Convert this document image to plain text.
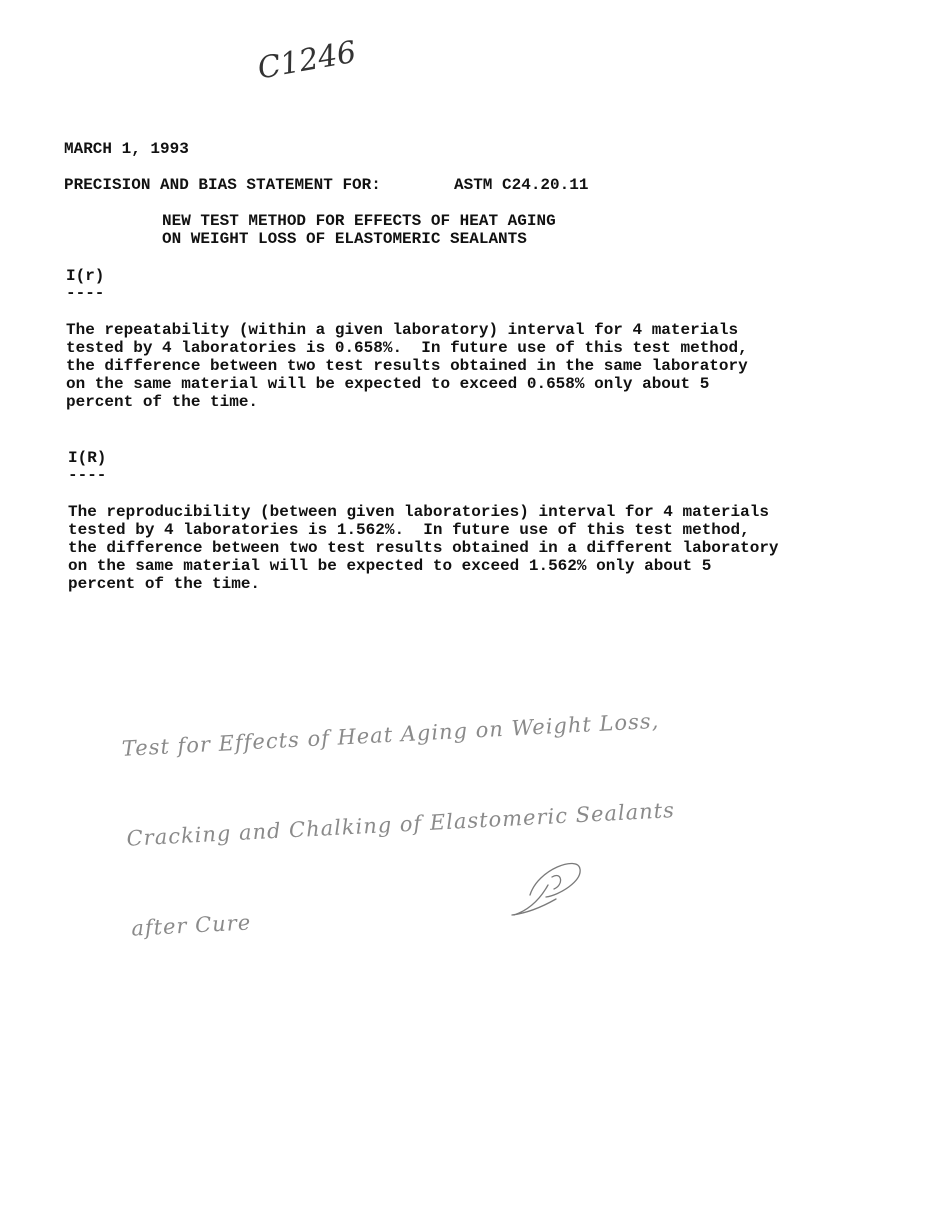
C1246
MARCH 1, 1993
PRECISION AND BIAS STATEMENT FOR:	ASTM C24.20.11
NEW TEST METHOD FOR EFFECTS OF HEAT AGING
ON WEIGHT LOSS OF ELASTOMERIC SEALANTS
I(r)
----
The repeatability (within a given laboratory) interval for 4 materials
tested by 4 laboratories is 0.658%.  In future use of this test method,
the difference between two test results obtained in the same laboratory
on the same material will be expected to exceed 0.658% only about 5
percent of the time.
I(R)
----
The reproducibility (between given laboratories) interval for 4 materials
tested by 4 laboratories is 1.562%.  In future use of this test method,
the difference between two test results obtained in a different laboratory
on the same material will be expected to exceed 1.562% only about 5
percent of the time.

Test for Effects of Heat Aging on Weight Loss,

Cracking and Chalking of Elastomeric Sealants

after Cure
